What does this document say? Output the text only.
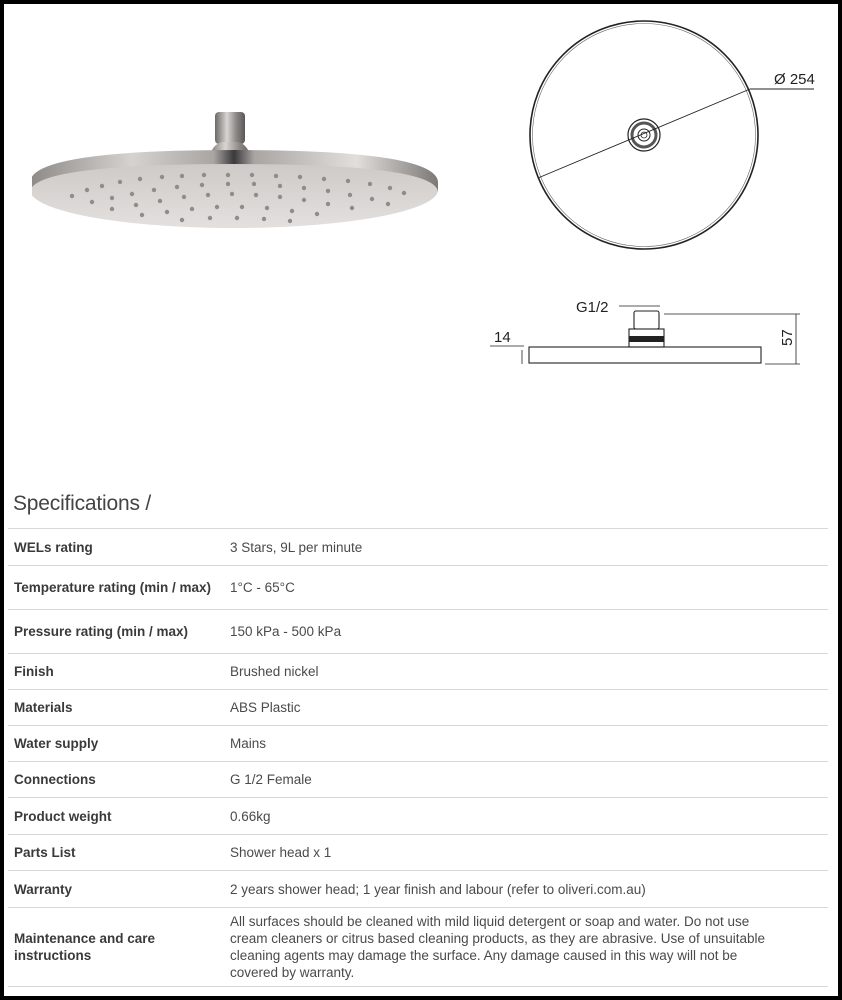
Ø 254
G1/2
14	57
Specifications /
WELs rating	3 Stars, 9L per minute
Temperature rating (min / max)	1°C - 65°C
Pressure rating (min / max)	150 kPa - 500 kPa
Finish	Brushed nickel
Materials	ABS Plastic
Water supply	Mains
Connections	G 1/2 Female
Product weight	0.66kg
Parts List	Shower head x 1
Warranty	2 years shower head; 1 year finish and labour (refer to oliveri.com.au)
Maintenance and care instructions	All surfaces should be cleaned with mild liquid detergent or soap and water. Do not use cream cleaners or citrus based cleaning products, as they are abrasive. Use of unsuitable cleaning agents may damage the surface. Any damage caused in this way will not be covered by warranty.
